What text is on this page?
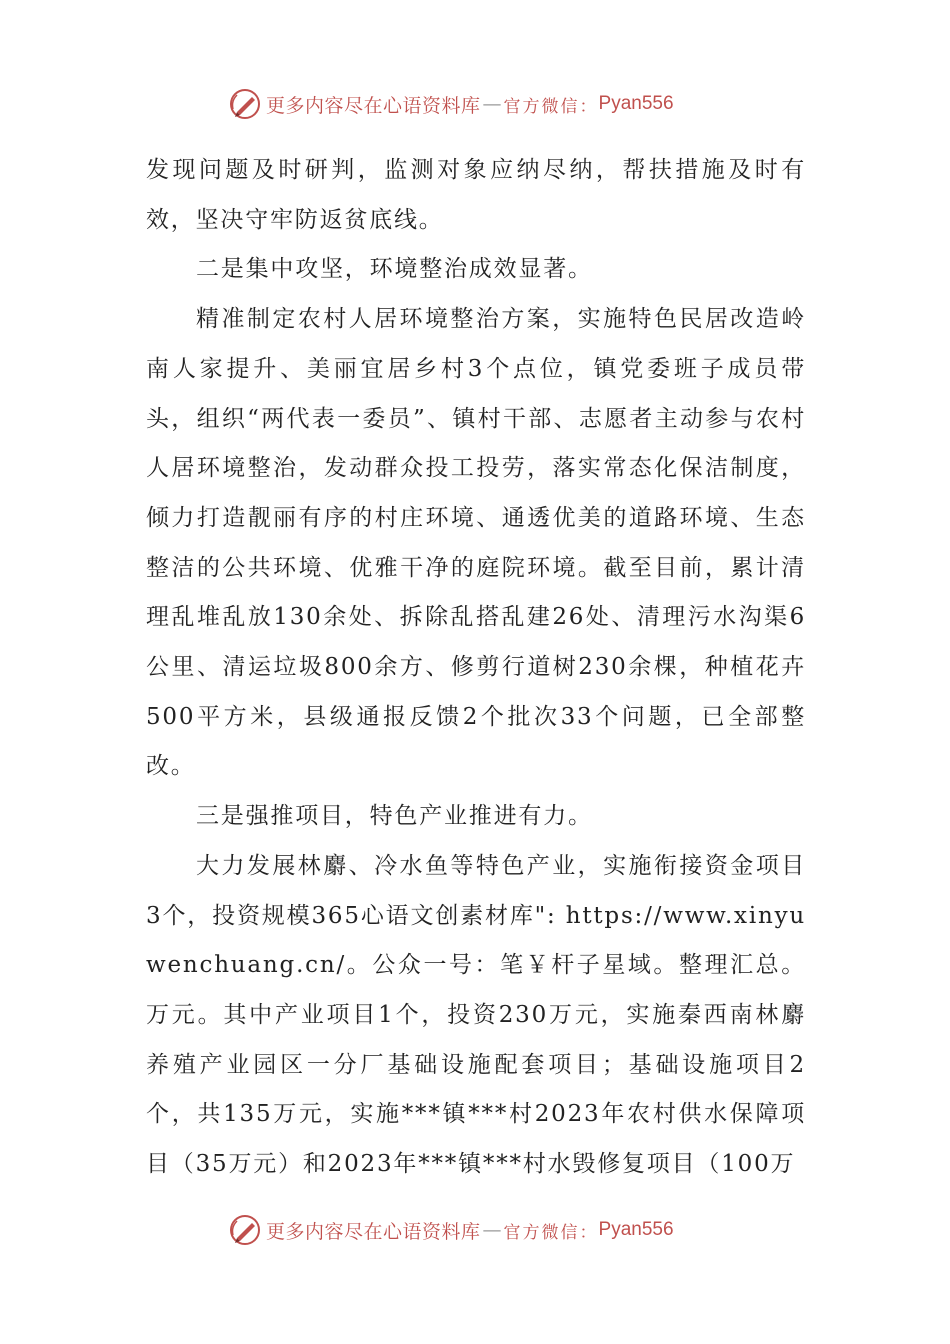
更多内容尽在心语资料库 — 官方微信： Pyan556

发现问题及时研判，监测对象应纳尽纳，帮扶措施及时有效，坚决守牢防返贫底线。

二是集中攻坚，环境整治成效显著。

精准制定农村人居环境整治方案，实施特色民居改造岭南人家提升、美丽宜居乡村3个点位，镇党委班子成员带头，组织“两代表一委员”、镇村干部、志愿者主动参与农村人居环境整治，发动群众投工投劳，落实常态化保洁制度，倾力打造靓丽有序的村庄环境、通透优美的道路环境、生态整洁的公共环境、优雅干净的庭院环境。截至目前，累计清理乱堆乱放130余处、拆除乱搭乱建26处、清理污水沟渠6公里、清运垃圾800余方、修剪行道树230余棵，种植花卉500平方米，县级通报反馈2个批次33个问题，已全部整改。

三是强推项目，特色产业推进有力。

大力发展林麝、冷水鱼等特色产业，实施衔接资金项目3个，投资规模365心语文创素材库": https://www.xinyuwenchuang.cn/。公众一号：笔￥杆子星域。整理汇总。万元。其中产业项目1个，投资230万元，实施秦西南林麝养殖产业园区一分厂基础设施配套项目；基础设施项目2个，共135万元，实施***镇***村2023年农村供水保障项目（35万元）和2023年***镇***村水毁修复项目（100万

更多内容尽在心语资料库 — 官方微信： Pyan556
